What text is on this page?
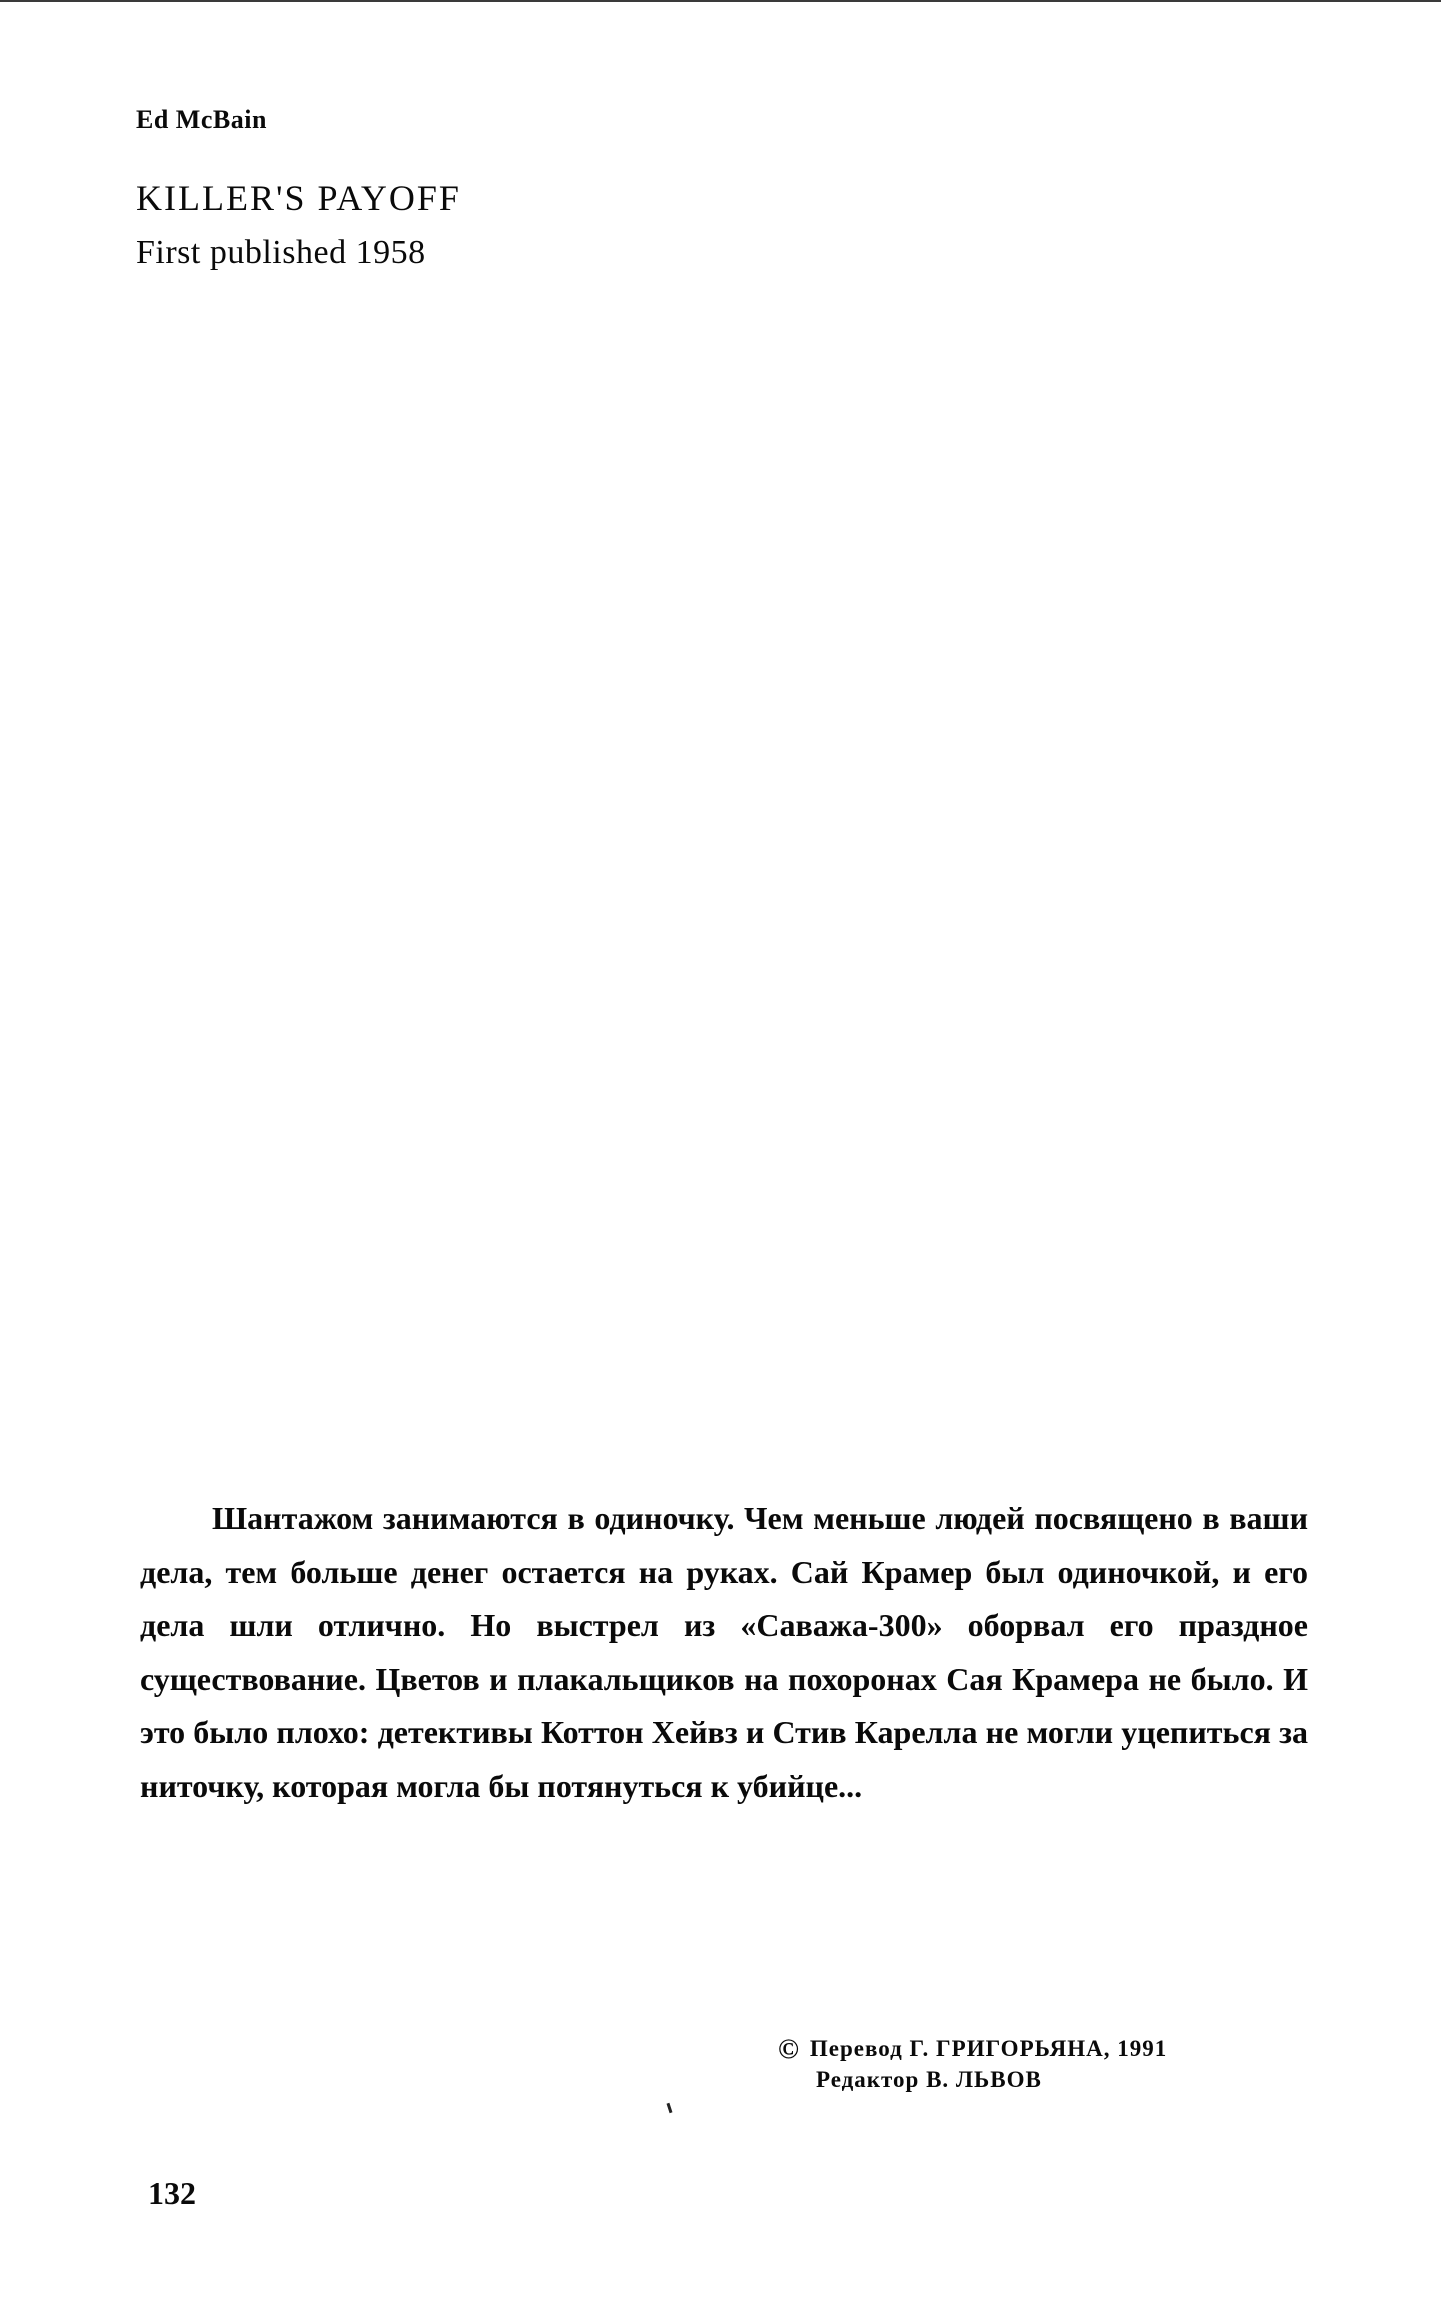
Ed McBain
KILLER'S PAYOFF
First published 1958
Шантажом занимаются в одиночку. Чем меньше людей посвящено в ваши дела, тем больше денег остается на руках. Сай Крамер был одиночкой, и его дела шли отлично. Но выстрел из «Саважа-300» оборвал его праздное существование. Цветов и плакальщиков на похоронах Сая Крамера не было. И это было плохо: детективы Коттон Хейвз и Стив Карелла не могли уцепиться за ниточку, которая могла бы потянуться к убийце...
© Перевод Г. ГРИГОРЬЯНА, 1991
Редактор В. ЛЬВОВ
132
